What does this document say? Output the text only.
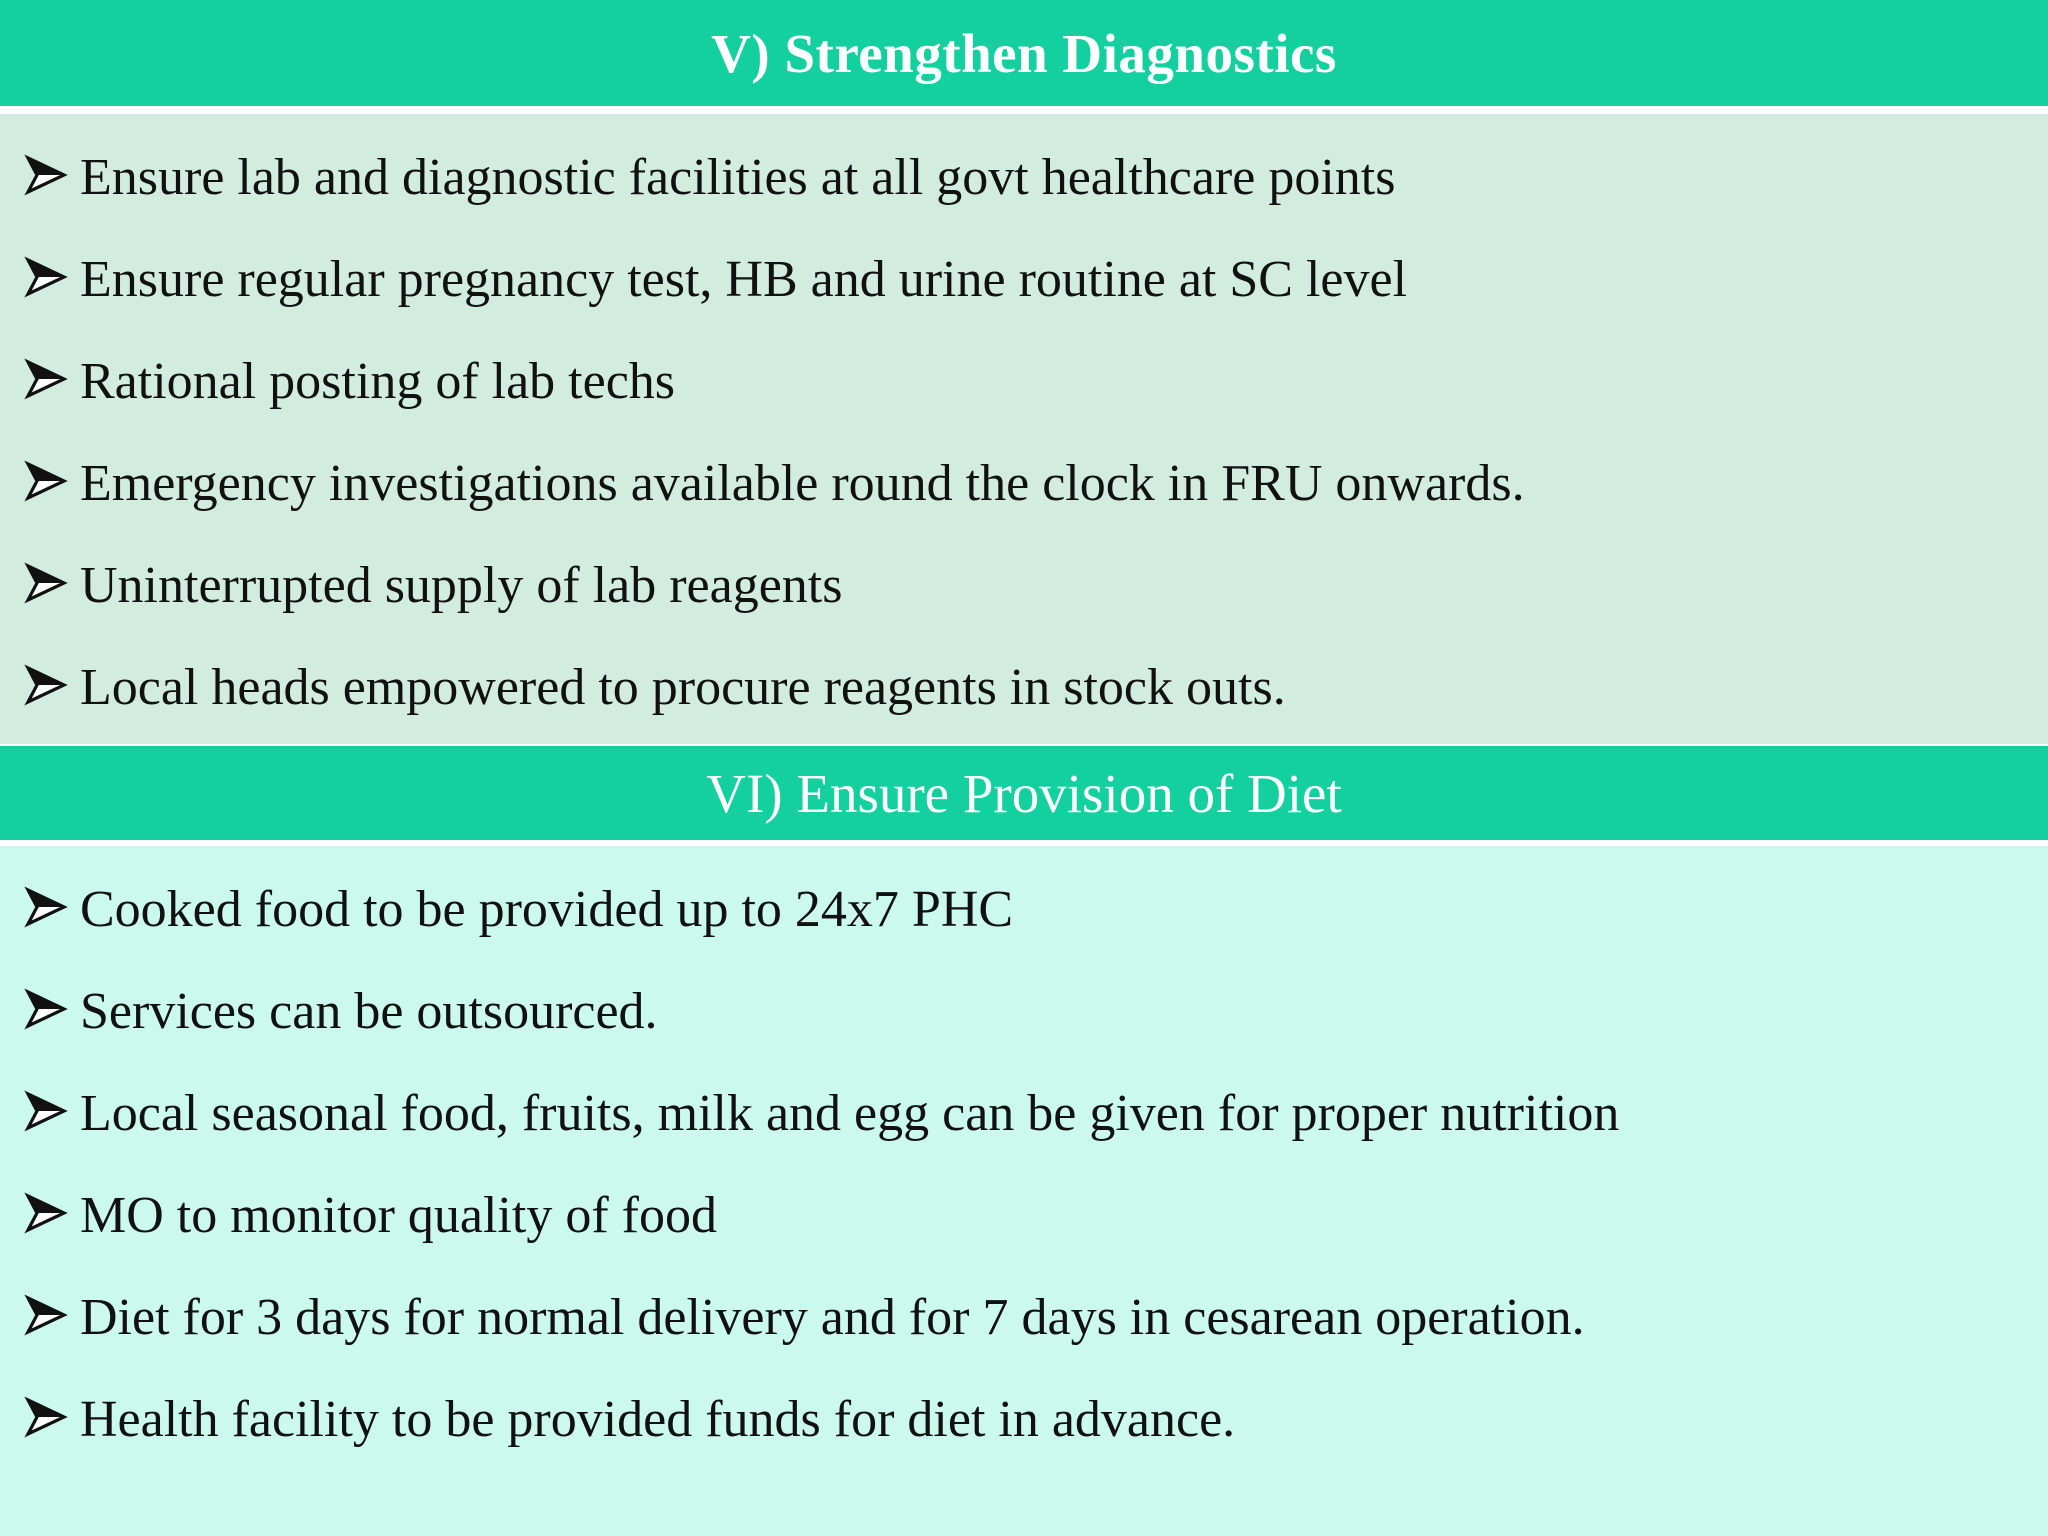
V) Strengthen Diagnostics
Ensure lab and diagnostic facilities at all govt healthcare points
Ensure regular pregnancy test, HB and urine routine at SC level
Rational posting of lab techs
Emergency investigations available round the clock in FRU onwards.
Uninterrupted supply of lab reagents
Local heads empowered to procure reagents in stock outs.
VI) Ensure Provision of Diet
Cooked food to be provided up to 24x7 PHC
Services can be outsourced.
Local seasonal food, fruits, milk and egg can be given for proper nutrition
MO to monitor quality of food
Diet for 3 days for normal delivery and for 7 days in cesarean operation.
Health facility to be provided funds for diet in advance.
